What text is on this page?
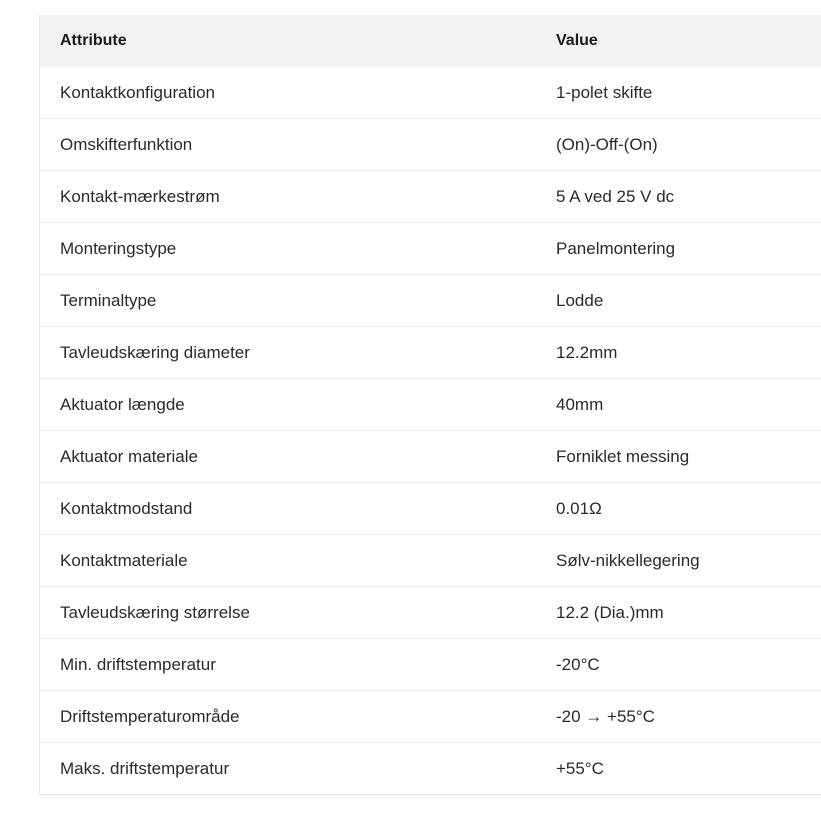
Attribute	Value
Kontaktkonfiguration	1-polet skifte
Omskifterfunktion	(On)-Off-(On)
Kontakt-mærkestrøm	5 A ved 25 V dc
Monteringstype	Panelmontering
Terminaltype	Lodde
Tavleudskæring diameter	12.2mm
Aktuator længde	40mm
Aktuator materiale	Forniklet messing
Kontaktmodstand	0.01Ω
Kontaktmateriale	Sølv-nikkellegering
Tavleudskæring størrelse	12.2 (Dia.)mm
Min. driftstemperatur	-20°C
Driftstemperaturområde	-20 → +55°C
Maks. driftstemperatur	+55°C
